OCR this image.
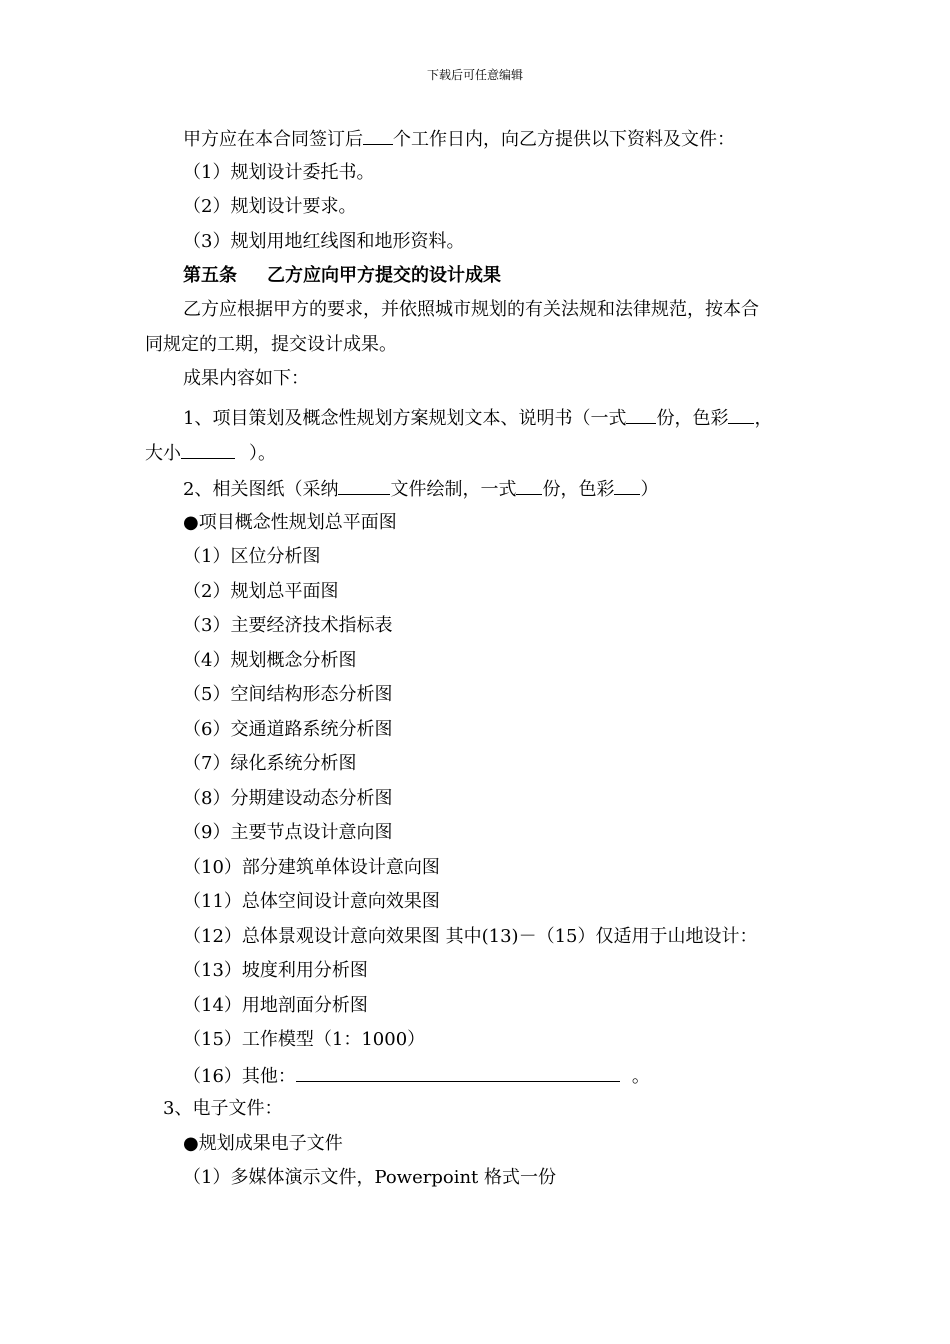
下载后可任意编辑
甲方应在本合同签订后 个工作日内，向乙方提供以下资料及文件：
（1）规划设计委托书。
（2）规划设计要求。
（3）规划用地红线图和地形资料。
第五条 乙方应向甲方提交的设计成果
乙方应根据甲方的要求，并依照城市规划的有关法规和法律规范，按本合
同规定的工期，提交设计成果。
成果内容如下：
1、项目策划及概念性规划方案规划文本、说明书（一式 份，色彩 ，
大小	）。
2、相关图纸（采纳	文件绘制，一式 份，色彩 ）
●项目概念性规划总平面图
（1）区位分析图
（2）规划总平面图
（3）主要经济技术指标表
（4）规划概念分析图
（5）空间结构形态分析图
（6）交通道路系统分析图
（7）绿化系统分析图
（8）分期建设动态分析图
（9）主要节点设计意向图
（10）部分建筑单体设计意向图
（11）总体空间设计意向效果图
（12）总体景观设计意向效果图 其中(13)－（15）仅适用于山地设计：
（13）坡度利用分析图
（14）用地剖面分析图
（15）工作模型（1：1000）
（16）其他：	。
3、电子文件：
●规划成果电子文件
（1）多媒体演示文件，Powerpoint 格式一份
